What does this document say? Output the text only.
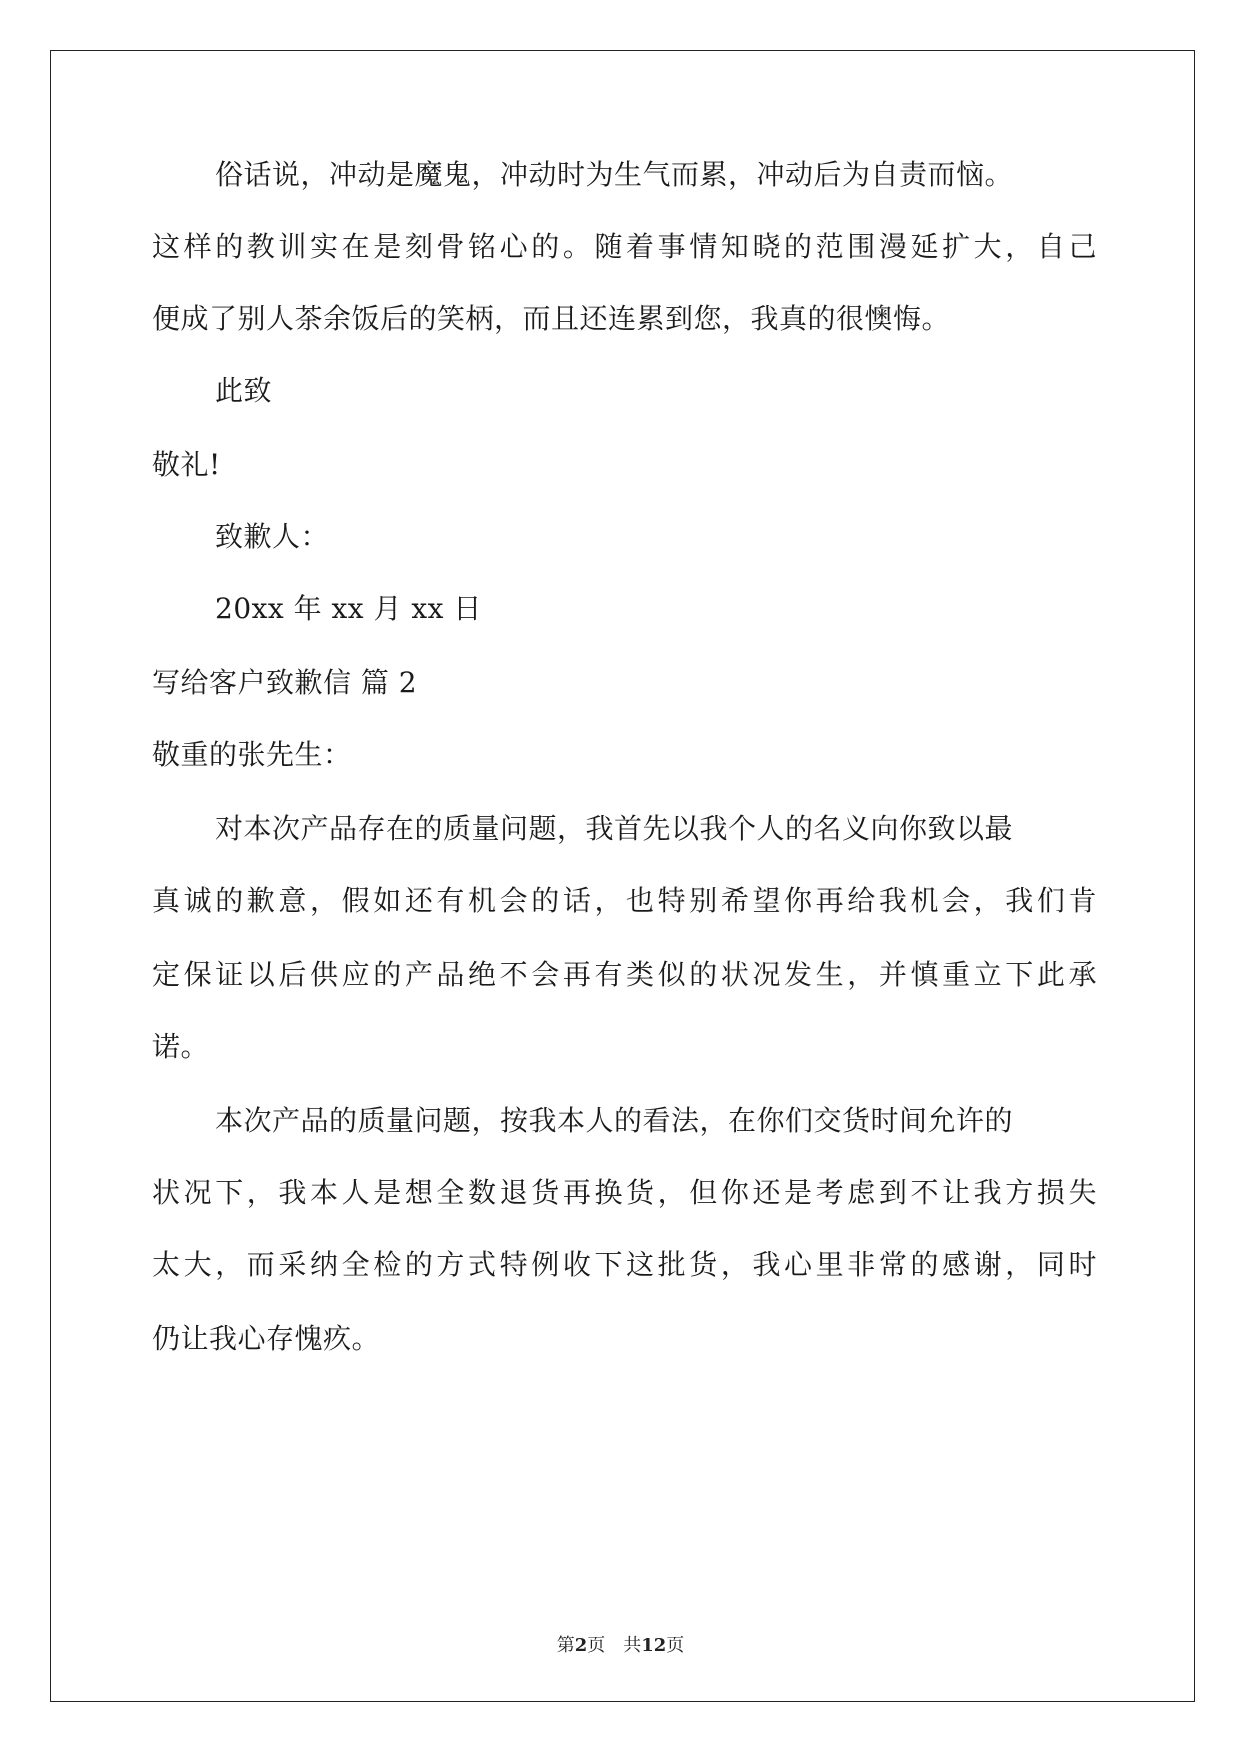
俗话说，冲动是魔鬼，冲动时为生气而累，冲动后为自责而恼。
这样的教训实在是刻骨铭心的。随着事情知晓的范围漫延扩大，自己
便成了别人茶余饭后的笑柄，而且还连累到您，我真的很懊悔。
此致
敬礼!
致歉人：
20xx 年 xx 月 xx 日
写给客户致歉信 篇 2
敬重的张先生：
对本次产品存在的质量问题，我首先以我个人的名义向你致以最
真诚的歉意，假如还有机会的话，也特别希望你再给我机会，我们肯
定保证以后供应的产品绝不会再有类似的状况发生，并慎重立下此承
诺。
本次产品的质量问题，按我本人的看法，在你们交货时间允许的
状况下，我本人是想全数退货再换货，但你还是考虑到不让我方损失
太大，而采纳全检的方式特例收下这批货，我心里非常的感谢，同时
仍让我心存愧疚。
第2页　共12页
